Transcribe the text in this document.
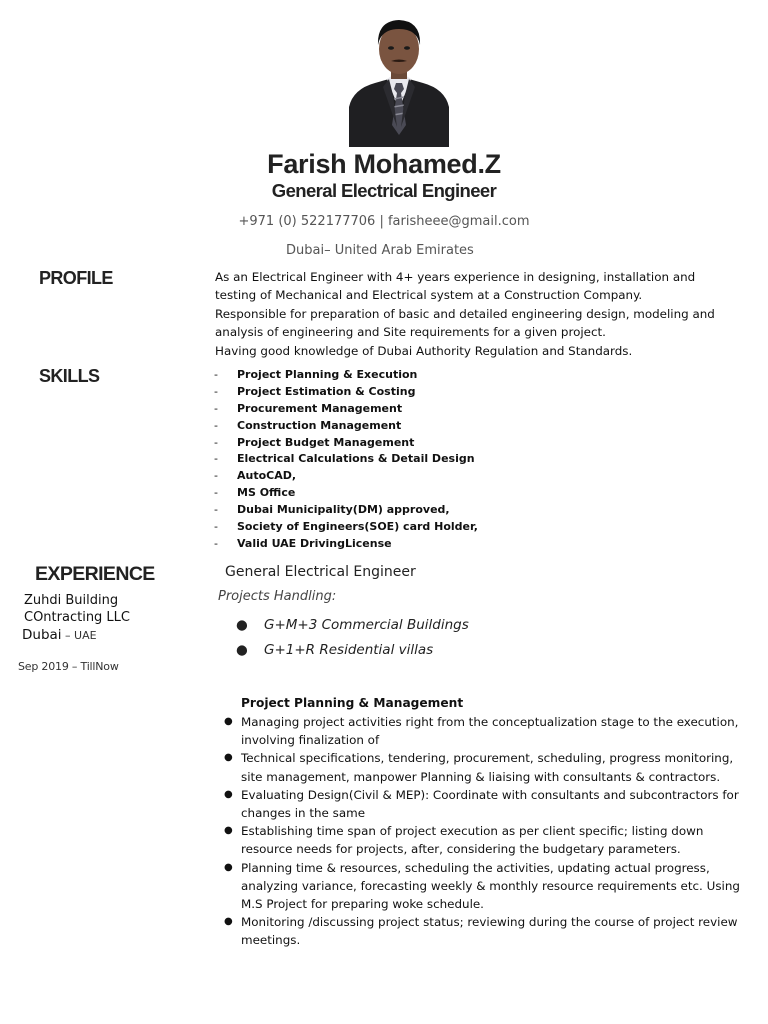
Farish Mohamed.Z
General Electrical Engineer
+971 (0) 522177706 | farisheee@gmail.com
Dubai– United Arab Emirates
PROFILE
SKILLS
EXPERIENCE
As an Electrical Engineer with 4+ years experience in designing, installation and
testing of Mechanical and Electrical system at a Construction Company.
Responsible for preparation of basic and detailed engineering design, modeling and
analysis of engineering and Site requirements for a given project.
Having good knowledge of Dubai Authority Regulation and Standards.
- Project Planning & Execution
- Project Estimation & Costing
- Procurement Management
- Construction Management
- Project Budget Management
- Electrical Calculations & Detail Design
- AutoCAD,
- MS Office
- Dubai Municipality(DM) approved,
- Society of Engineers(SOE) card Holder,
- Valid UAE DrivingLicense
Zuhdi Building
COntracting LLC
Dubai – UAE
Sep 2019 – TillNow
General Electrical Engineer
Projects Handling:
● G+M+3 Commercial Buildings
● G+1+R Residential villas
Project Planning & Management
● Managing project activities right from the conceptualization stage to the execution,
involving finalization of
● Technical specifications, tendering, procurement, scheduling, progress monitoring,
site management, manpower Planning & liaising with consultants & contractors.
● Evaluating Design(Civil & MEP): Coordinate with consultants and subcontractors for
changes in the same
● Establishing time span of project execution as per client specific; listing down
resource needs for projects, after, considering the budgetary parameters.
● Planning time & resources, scheduling the activities, updating actual progress,
analyzing variance, forecasting weekly & monthly resource requirements etc. Using
M.S Project for preparing woke schedule.
● Monitoring /discussing project status; reviewing during the course of project review
meetings.
